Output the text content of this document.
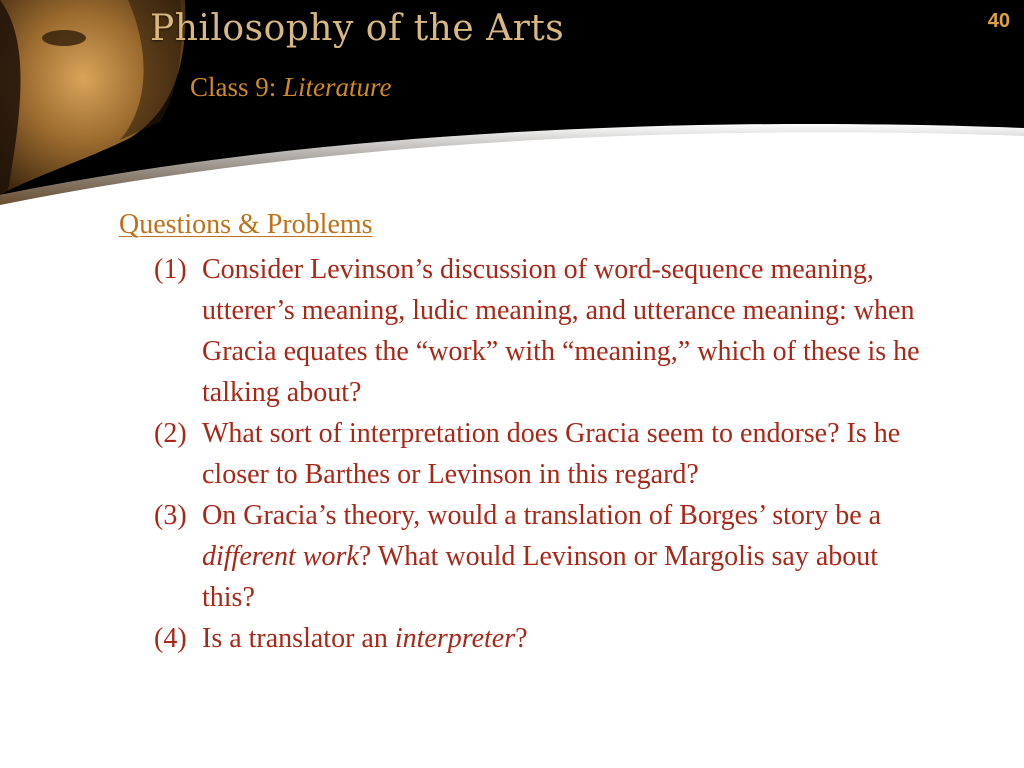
Philosophy of the Arts
Class 9: Literature
40
Questions & Problems
(1) Consider Levinson’s discussion of word-sequence meaning, utterer’s meaning, ludic meaning, and utterance meaning: when Gracia equates the “work” with “meaning,” which of these is he talking about?
(2) What sort of interpretation does Gracia seem to endorse? Is he closer to Barthes or Levinson in this regard?
(3) On Gracia’s theory, would a translation of Borges’ story be a different work? What would Levinson or Margolis say about this?
(4) Is a translator an interpreter?
